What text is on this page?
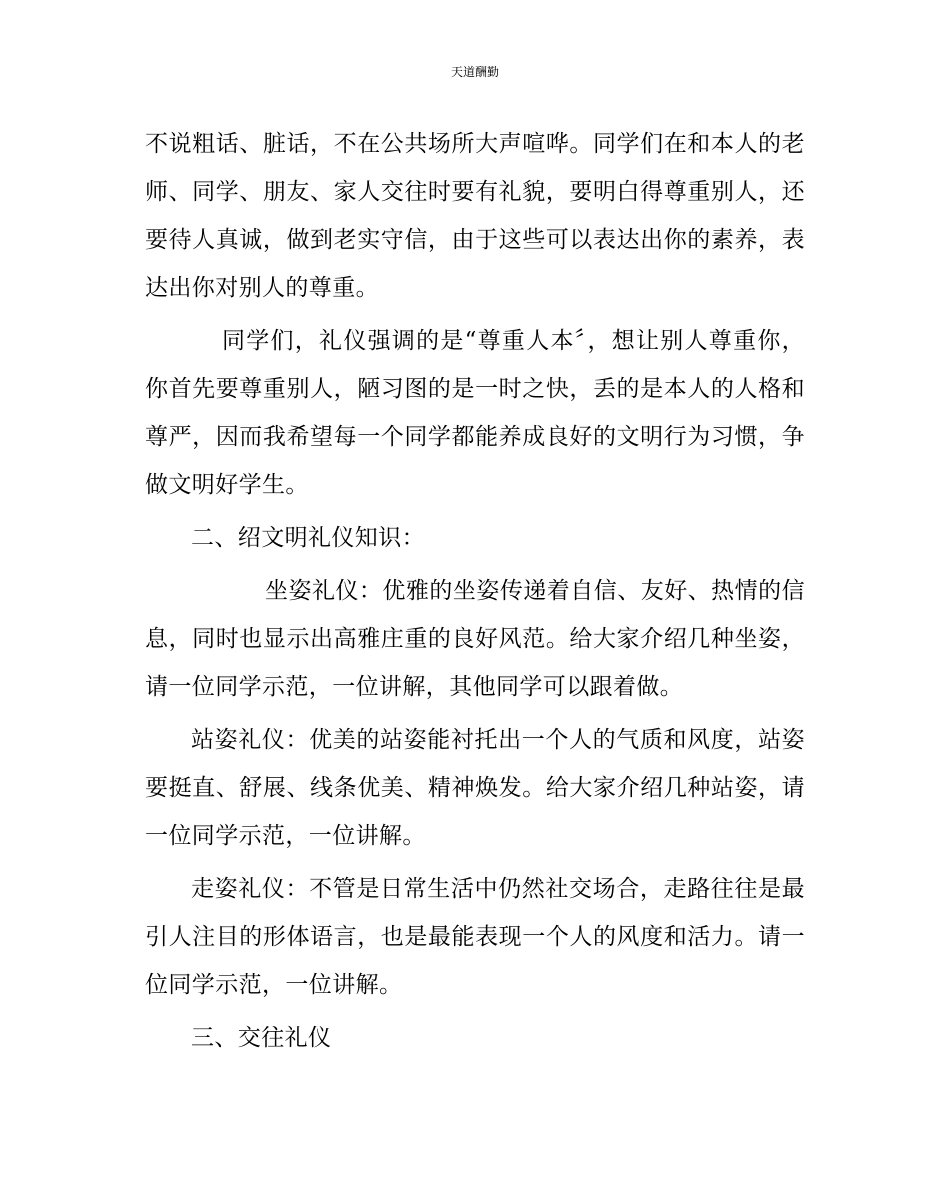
天道酬勤

不说粗话、脏话，不在公共场所大声喧哗。同学们在和本人的老师、同学、朋友、家人交往时要有礼貌，要明白得尊重别人，还要待人真诚，做到老实守信，由于这些可以表达出你的素养，表达出你对别人的尊重。

同学们，礼仪强调的是“尊重人本〞，想让别人尊重你，你首先要尊重别人，陋习图的是一时之快，丢的是本人的人格和尊严，因而我希望每一个同学都能养成良好的文明行为习惯，争做文明好学生。

二、绍文明礼仪知识：

坐姿礼仪：优雅的坐姿传递着自信、友好、热情的信息，同时也显示出高雅庄重的良好风范。给大家介绍几种坐姿，请一位同学示范，一位讲解，其他同学可以跟着做。

站姿礼仪：优美的站姿能衬托出一个人的气质和风度，站姿要挺直、舒展、线条优美、精神焕发。给大家介绍几种站姿，请一位同学示范，一位讲解。

走姿礼仪：不管是日常生活中仍然社交场合，走路往往是最引人注目的形体语言，也是最能表现一个人的风度和活力。请一位同学示范，一位讲解。

三、交往礼仪
